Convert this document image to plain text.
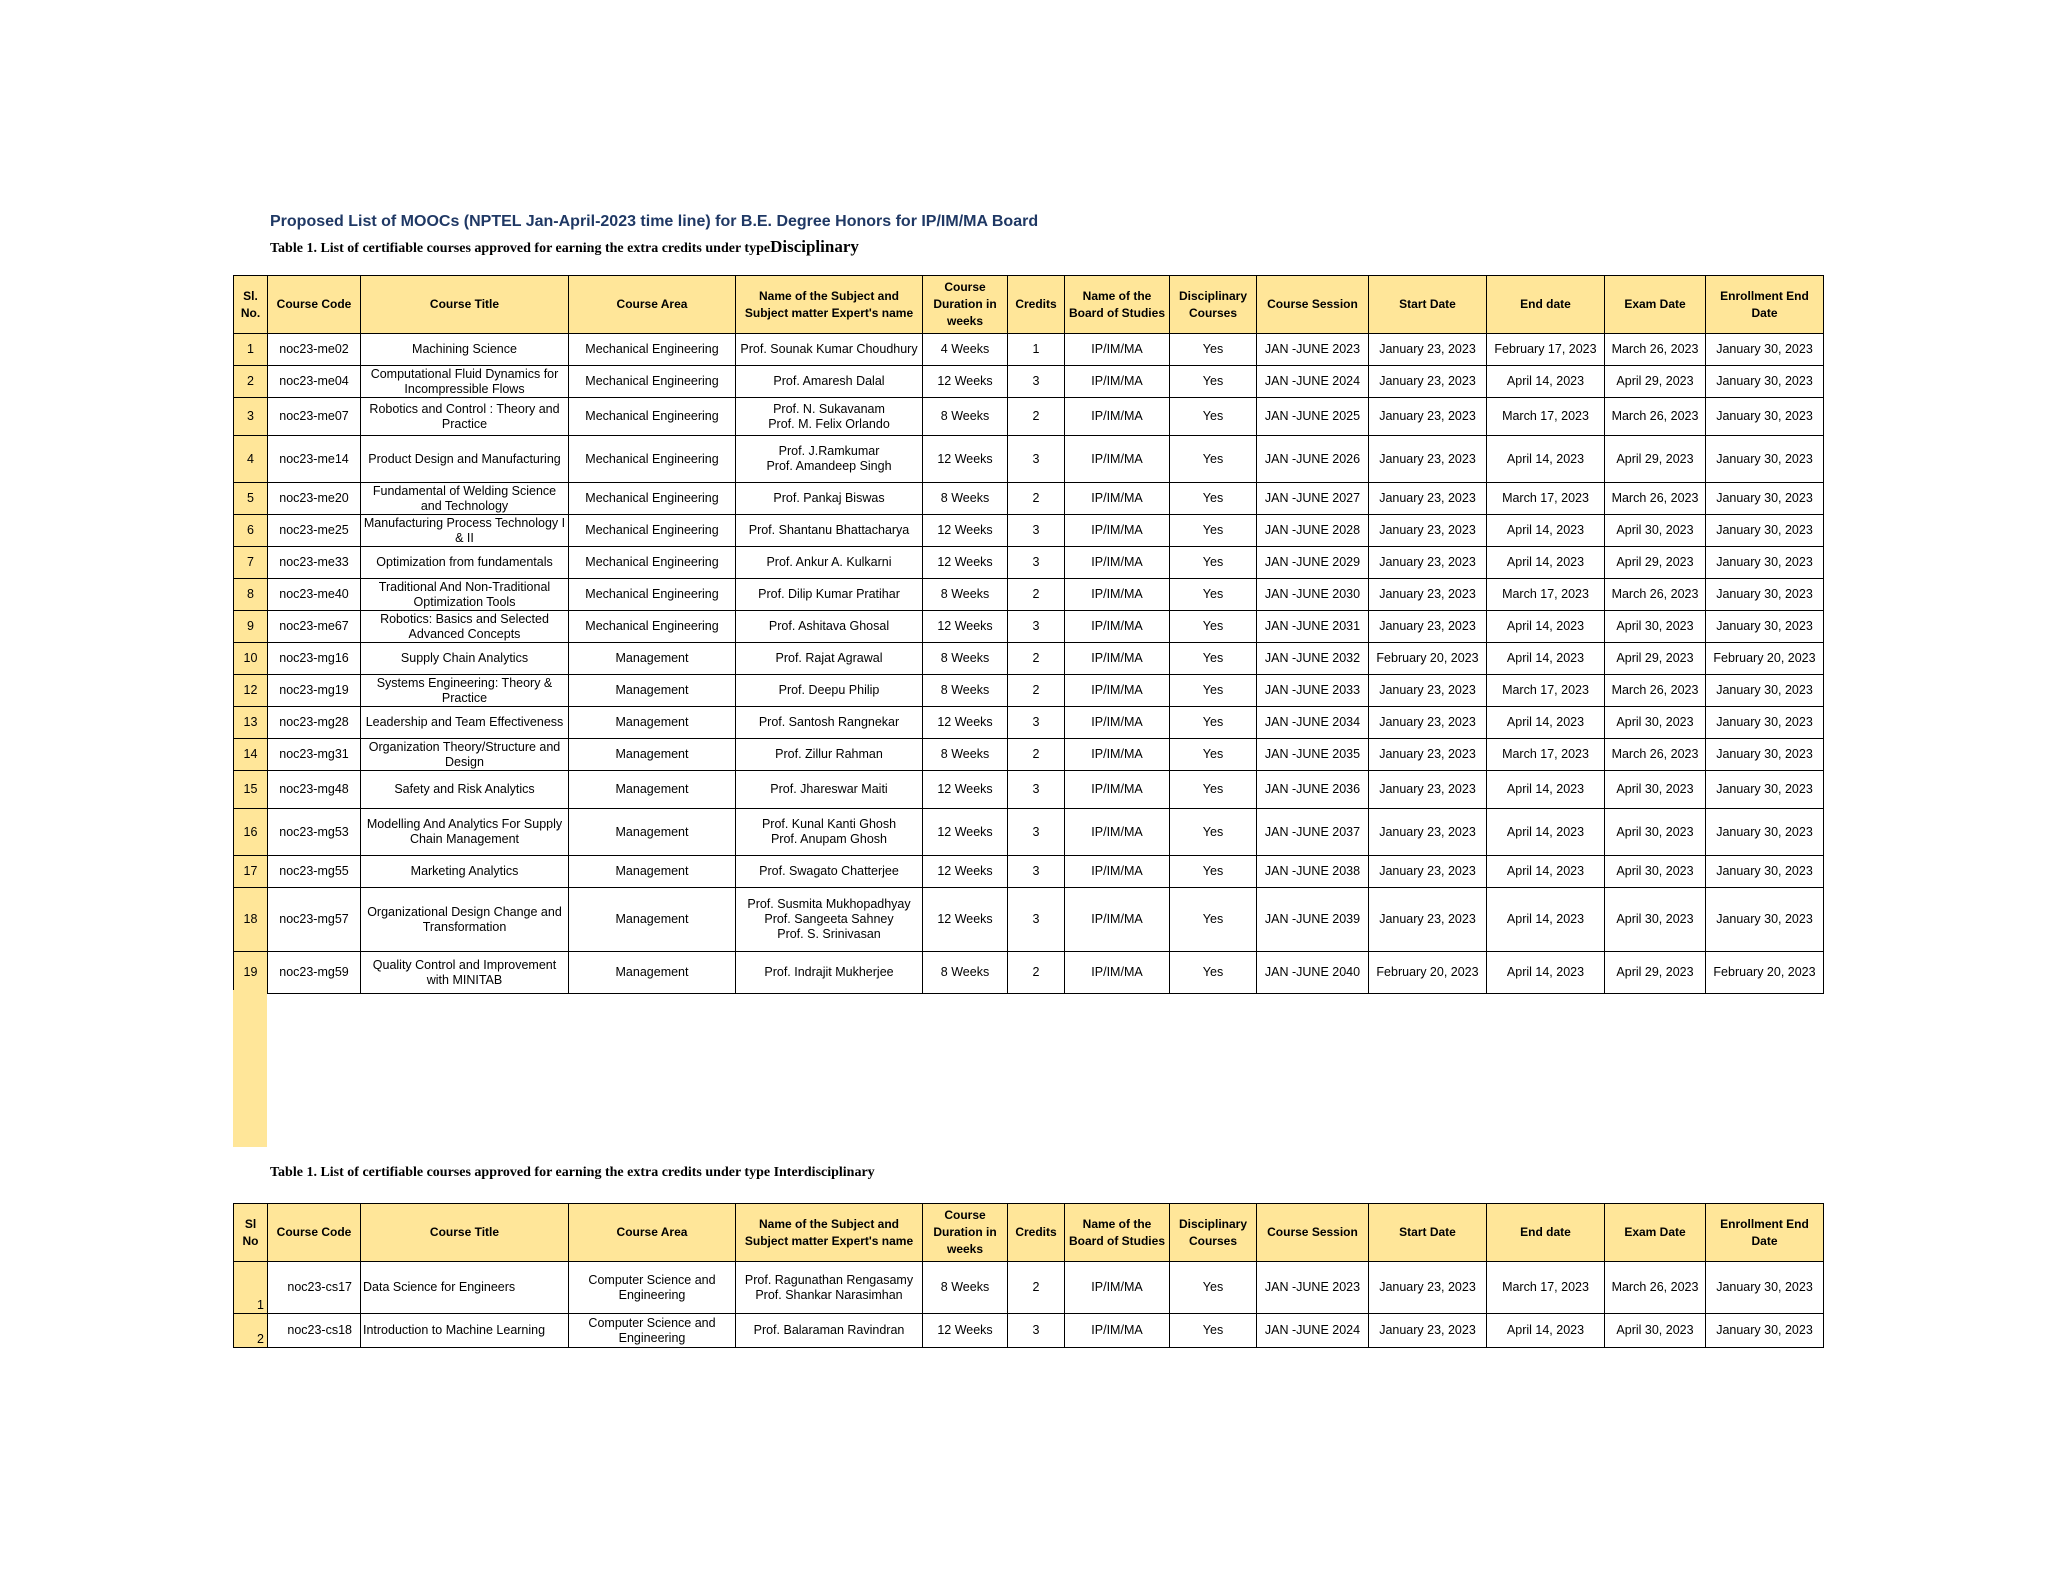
Proposed List of MOOCs (NPTEL Jan-April-2023 time line) for B.E. Degree Honors for IP/IM/MA Board
Table 1. List of certifiable courses approved for earning the extra credits under typeDisciplinary
Sl. No.	Course Code	Course Title	Course Area	Name of the Subject and Subject matter Expert's name	Course Duration in weeks	Credits	Name of the Board of Studies	Disciplinary Courses	Course Session	Start Date	End date	Exam Date	Enrollment End Date
1	noc23-me02	Machining Science	Mechanical Engineering	Prof. Sounak Kumar Choudhury	4 Weeks	1	IP/IM/MA	Yes	JAN -JUNE 2023	January 23, 2023	February 17, 2023	March 26, 2023	January 30, 2023
2	noc23-me04	Computational Fluid Dynamics for Incompressible Flows	Mechanical Engineering	Prof. Amaresh Dalal	12 Weeks	3	IP/IM/MA	Yes	JAN -JUNE 2024	January 23, 2023	April 14, 2023	April 29, 2023	January 30, 2023
3	noc23-me07	Robotics and Control : Theory and Practice	Mechanical Engineering	Prof. N. Sukavanam
Prof. M. Felix Orlando	8 Weeks	2	IP/IM/MA	Yes	JAN -JUNE 2025	January 23, 2023	March 17, 2023	March 26, 2023	January 30, 2023
4	noc23-me14	Product Design and Manufacturing	Mechanical Engineering	Prof. J.Ramkumar
Prof. Amandeep Singh	12 Weeks	3	IP/IM/MA	Yes	JAN -JUNE 2026	January 23, 2023	April 14, 2023	April 29, 2023	January 30, 2023
5	noc23-me20	Fundamental of Welding Science and Technology	Mechanical Engineering	Prof. Pankaj Biswas	8 Weeks	2	IP/IM/MA	Yes	JAN -JUNE 2027	January 23, 2023	March 17, 2023	March 26, 2023	January 30, 2023
6	noc23-me25	Manufacturing Process Technology I & II	Mechanical Engineering	Prof. Shantanu Bhattacharya	12 Weeks	3	IP/IM/MA	Yes	JAN -JUNE 2028	January 23, 2023	April 14, 2023	April 30, 2023	January 30, 2023
7	noc23-me33	Optimization from fundamentals	Mechanical Engineering	Prof. Ankur A. Kulkarni	12 Weeks	3	IP/IM/MA	Yes	JAN -JUNE 2029	January 23, 2023	April 14, 2023	April 29, 2023	January 30, 2023
8	noc23-me40	Traditional And Non-Traditional Optimization Tools	Mechanical Engineering	Prof. Dilip Kumar Pratihar	8 Weeks	2	IP/IM/MA	Yes	JAN -JUNE 2030	January 23, 2023	March 17, 2023	March 26, 2023	January 30, 2023
9	noc23-me67	Robotics: Basics and Selected Advanced Concepts	Mechanical Engineering	Prof. Ashitava Ghosal	12 Weeks	3	IP/IM/MA	Yes	JAN -JUNE 2031	January 23, 2023	April 14, 2023	April 30, 2023	January 30, 2023
10	noc23-mg16	Supply Chain Analytics	Management	Prof. Rajat Agrawal	8 Weeks	2	IP/IM/MA	Yes	JAN -JUNE 2032	February 20, 2023	April 14, 2023	April 29, 2023	February 20, 2023
12	noc23-mg19	Systems Engineering: Theory & Practice	Management	Prof. Deepu Philip	8 Weeks	2	IP/IM/MA	Yes	JAN -JUNE 2033	January 23, 2023	March 17, 2023	March 26, 2023	January 30, 2023
13	noc23-mg28	Leadership and Team Effectiveness	Management	Prof. Santosh Rangnekar	12 Weeks	3	IP/IM/MA	Yes	JAN -JUNE 2034	January 23, 2023	April 14, 2023	April 30, 2023	January 30, 2023
14	noc23-mg31	Organization Theory/Structure and Design	Management	Prof. Zillur Rahman	8 Weeks	2	IP/IM/MA	Yes	JAN -JUNE 2035	January 23, 2023	March 17, 2023	March 26, 2023	January 30, 2023
15	noc23-mg48	Safety and Risk Analytics	Management	Prof. Jhareswar Maiti	12 Weeks	3	IP/IM/MA	Yes	JAN -JUNE 2036	January 23, 2023	April 14, 2023	April 30, 2023	January 30, 2023
16	noc23-mg53	Modelling And Analytics For Supply Chain Management	Management	Prof. Kunal Kanti Ghosh
Prof. Anupam Ghosh	12 Weeks	3	IP/IM/MA	Yes	JAN -JUNE 2037	January 23, 2023	April 14, 2023	April 30, 2023	January 30, 2023
17	noc23-mg55	Marketing Analytics	Management	Prof. Swagato Chatterjee	12 Weeks	3	IP/IM/MA	Yes	JAN -JUNE 2038	January 23, 2023	April 14, 2023	April 30, 2023	January 30, 2023
18	noc23-mg57	Organizational Design Change and Transformation	Management	Prof. Susmita Mukhopadhyay
Prof. Sangeeta Sahney
Prof. S. Srinivasan	12 Weeks	3	IP/IM/MA	Yes	JAN -JUNE 2039	January 23, 2023	April 14, 2023	April 30, 2023	January 30, 2023
19	noc23-mg59	Quality Control and Improvement with MINITAB	Management	Prof. Indrajit Mukherjee	8 Weeks	2	IP/IM/MA	Yes	JAN -JUNE 2040	February 20, 2023	April 14, 2023	April 29, 2023	February 20, 2023
Table 1. List of certifiable courses approved for earning the extra credits under type Interdisciplinary
Sl No	Course Code	Course Title	Course Area	Name of the Subject and Subject matter Expert's name	Course Duration in weeks	Credits	Name of the Board of Studies	Disciplinary Courses	Course Session	Start Date	End date	Exam Date	Enrollment End Date
1	noc23-cs17	Data Science for Engineers	Computer Science and Engineering	Prof. Ragunathan Rengasamy
Prof. Shankar Narasimhan	8 Weeks	2	IP/IM/MA	Yes	JAN -JUNE 2023	January 23, 2023	March 17, 2023	March 26, 2023	January 30, 2023
2	noc23-cs18	Introduction to Machine Learning	Computer Science and Engineering	Prof. Balaraman Ravindran	12 Weeks	3	IP/IM/MA	Yes	JAN -JUNE 2024	January 23, 2023	April 14, 2023	April 30, 2023	January 30, 2023
